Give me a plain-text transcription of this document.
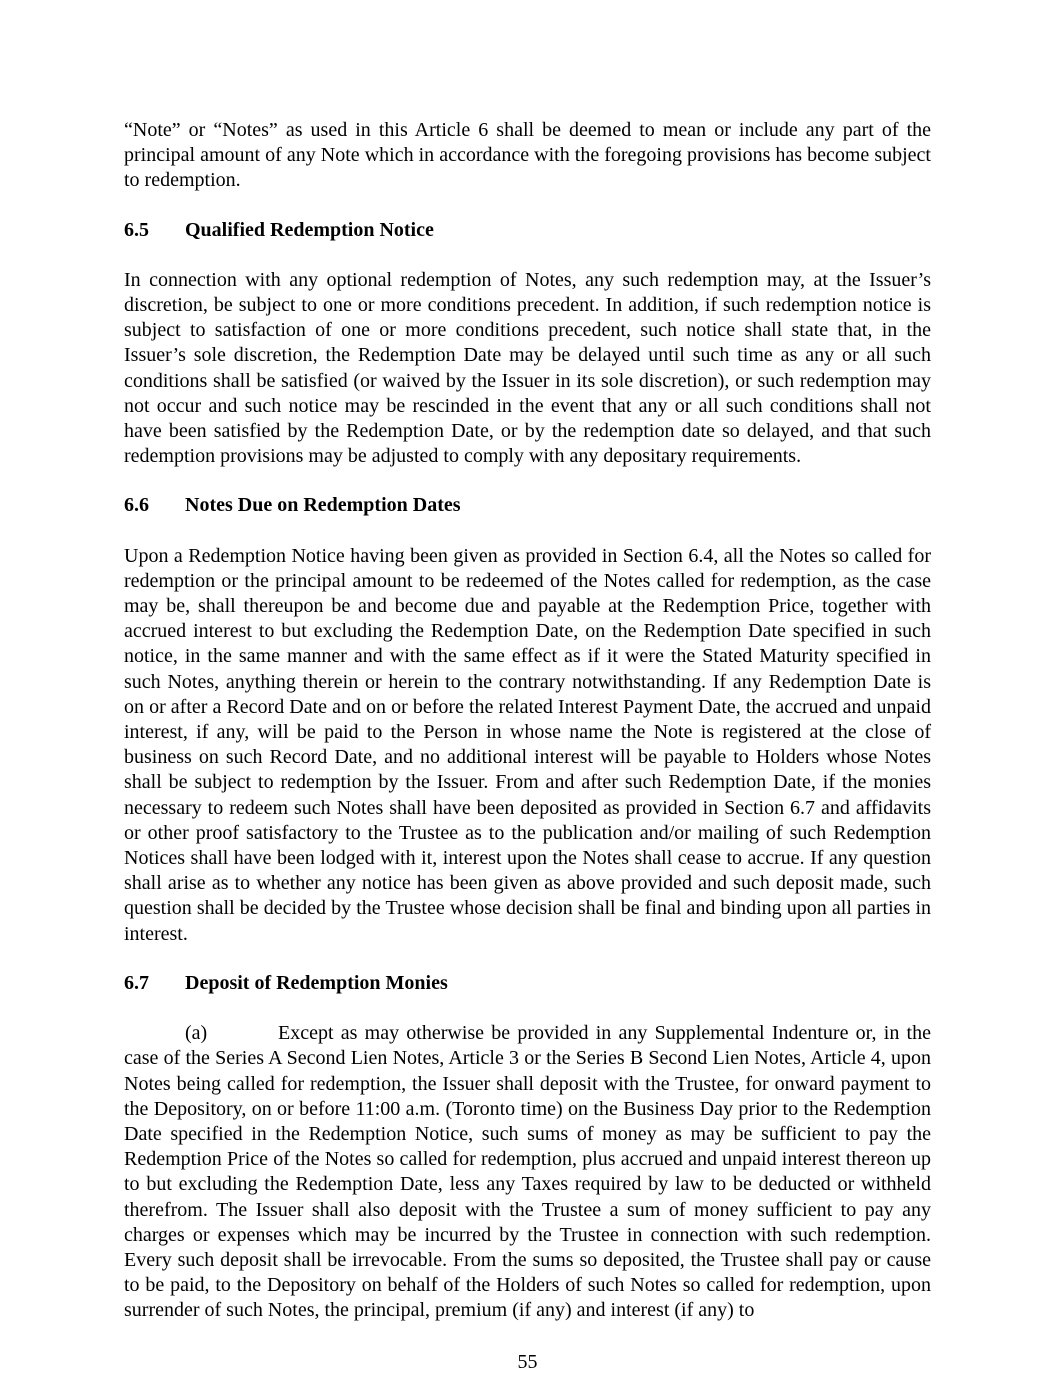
“Note” or “Notes” as used in this Article 6 shall be deemed to mean or include any part of the principal amount of any Note which in accordance with the foregoing provisions has become subject to redemption.

6.5 Qualified Redemption Notice

In connection with any optional redemption of Notes, any such redemption may, at the Issuer’s discretion, be subject to one or more conditions precedent. In addition, if such redemption notice is subject to satisfaction of one or more conditions precedent, such notice shall state that, in the Issuer’s sole discretion, the Redemption Date may be delayed until such time as any or all such conditions shall be satisfied (or waived by the Issuer in its sole discretion), or such redemption may not occur and such notice may be rescinded in the event that any or all such conditions shall not have been satisfied by the Redemption Date, or by the redemption date so delayed, and that such redemption provisions may be adjusted to comply with any depositary requirements.

6.6 Notes Due on Redemption Dates

Upon a Redemption Notice having been given as provided in Section 6.4, all the Notes so called for redemption or the principal amount to be redeemed of the Notes called for redemption, as the case may be, shall thereupon be and become due and payable at the Redemption Price, together with accrued interest to but excluding the Redemption Date, on the Redemption Date specified in such notice, in the same manner and with the same effect as if it were the Stated Maturity specified in such Notes, anything therein or herein to the contrary notwithstanding. If any Redemption Date is on or after a Record Date and on or before the related Interest Payment Date, the accrued and unpaid interest, if any, will be paid to the Person in whose name the Note is registered at the close of business on such Record Date, and no additional interest will be payable to Holders whose Notes shall be subject to redemption by the Issuer. From and after such Redemption Date, if the monies necessary to redeem such Notes shall have been deposited as provided in Section 6.7 and affidavits or other proof satisfactory to the Trustee as to the publication and/or mailing of such Redemption Notices shall have been lodged with it, interest upon the Notes shall cease to accrue. If any question shall arise as to whether any notice has been given as above provided and such deposit made, such question shall be decided by the Trustee whose decision shall be final and binding upon all parties in interest.

6.7 Deposit of Redemption Monies

(a)	Except as may otherwise be provided in any Supplemental Indenture or, in the case of the Series A Second Lien Notes, Article 3 or the Series B Second Lien Notes, Article 4, upon Notes being called for redemption, the Issuer shall deposit with the Trustee, for onward payment to the Depository, on or before 11:00 a.m. (Toronto time) on the Business Day prior to the Redemption Date specified in the Redemption Notice, such sums of money as may be sufficient to pay the Redemption Price of the Notes so called for redemption, plus accrued and unpaid interest thereon up to but excluding the Redemption Date, less any Taxes required by law to be deducted or withheld therefrom. The Issuer shall also deposit with the Trustee a sum of money sufficient to pay any charges or expenses which may be incurred by the Trustee in connection with such redemption. Every such deposit shall be irrevocable. From the sums so deposited, the Trustee shall pay or cause to be paid, to the Depository on behalf of the Holders of such Notes so called for redemption, upon surrender of such Notes, the principal, premium (if any) and interest (if any) to

55
